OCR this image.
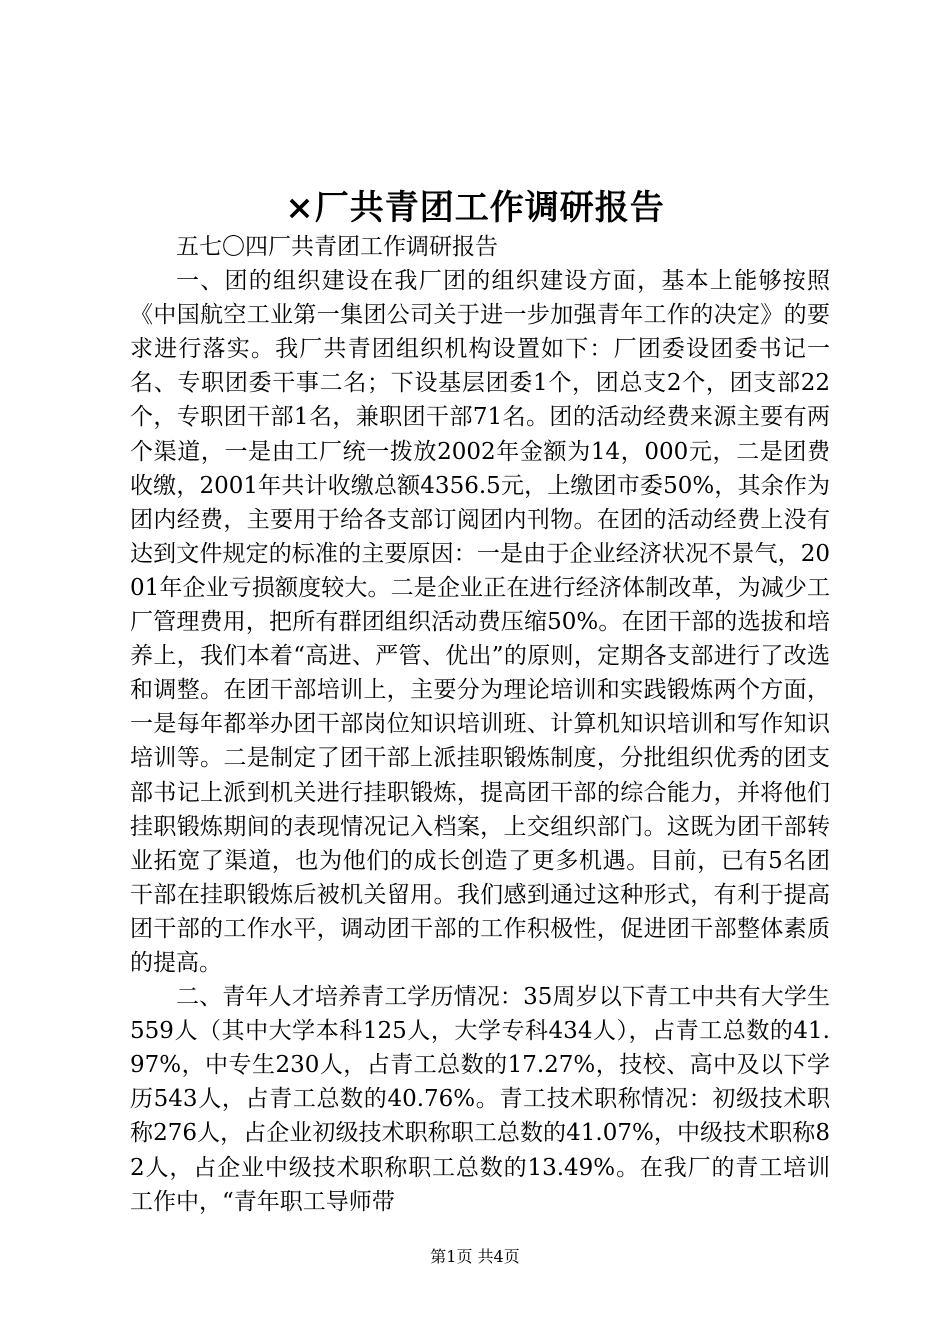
×厂共青团工作调研报告

五七〇四厂共青团工作调研报告

一、团的组织建设在我厂团的组织建设方面，基本上能够按照《中国航空工业第一集团公司关于进一步加强青年工作的决定》的要求进行落实。我厂共青团组织机构设置如下：厂团委设团委书记一名、专职团委干事二名；下设基层团委1个，团总支2个，团支部22个，专职团干部1名，兼职团干部71名。团的活动经费来源主要有两个渠道，一是由工厂统一拨放2002年金额为14，000元，二是团费收缴，2001年共计收缴总额4356.5元，上缴团市委50%，其余作为团内经费，主要用于给各支部订阅团内刊物。在团的活动经费上没有达到文件规定的标准的主要原因：一是由于企业经济状况不景气，2001年企业亏损额度较大。二是企业正在进行经济体制改革，为减少工厂管理费用，把所有群团组织活动费压缩50%。在团干部的选拔和培养上，我们本着“高进、严管、优出”的原则，定期各支部进行了改选和调整。在团干部培训上，主要分为理论培训和实践锻炼两个方面，一是每年都举办团干部岗位知识培训班、计算机知识培训和写作知识培训等。二是制定了团干部上派挂职锻炼制度，分批组织优秀的团支部书记上派到机关进行挂职锻炼，提高团干部的综合能力，并将他们挂职锻炼期间的表现情况记入档案，上交组织部门。这既为团干部转业拓宽了渠道，也为他们的成长创造了更多机遇。目前，已有5名团干部在挂职锻炼后被机关留用。我们感到通过这种形式，有利于提高团干部的工作水平，调动团干部的工作积极性，促进团干部整体素质的提高。

二、青年人才培养青工学历情况：35周岁以下青工中共有大学生559人（其中大学本科125人，大学专科434人），占青工总数的41.97%，中专生230人，占青工总数的17.27%，技校、高中及以下学历543人，占青工总数的40.76%。青工技术职称情况：初级技术职称276人，占企业初级技术职称职工总数的41.07%，中级技术职称82人，占企业中级技术职称职工总数的13.49%。在我厂的青工培训工作中，“青年职工导师带

第1页 共4页
